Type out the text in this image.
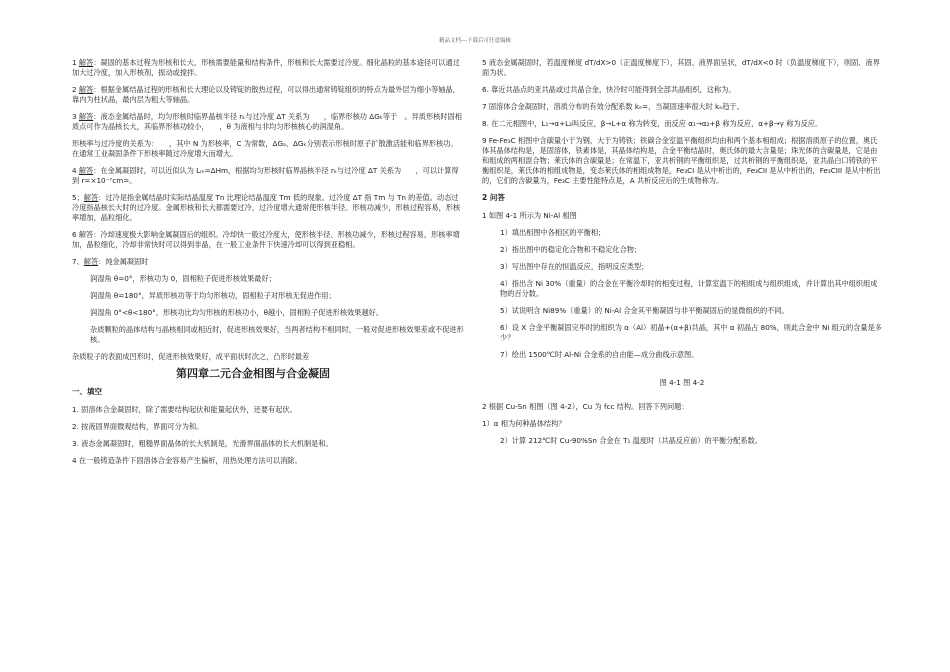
精品文档---下载后可任意编辑
1 解答：凝固的基本过程为形核和长大，形核需要能量和结构条件，形核和长大需要过冷度。细化晶粒的基本途径可以通过加大过冷度，加入形核剂，振动或搅拌。
2 解答：根据金属结晶过程的形核和长大理论以及铸锭的散热过程，可以得出通常铸锭组织的特点为最外层为细小等轴晶，靠内为柱状晶，最内层为粗大等轴晶。
3 解答：液态金属结晶时，均匀形核时临界晶核半径 rₖ与过冷度 ΔT 关系为　　，临界形核功 ΔGₖ等于　。异质形核时固相质点可作为晶核长大，其临界形核功较小，　　，θ 为液相与非均匀形核核心的润湿角。
形核率与过冷度的关系为：　　，其中 N 为形核率，C 为常数，ΔGₐ、ΔGₖ分别表示形核时原子扩散激活能和临界形核功。在通常工业凝固条件下形核率随过冷度增大而增大。
4 解答：在金属凝固时，可以近似认为 Lₘ=ΔHm，根据均匀形核时临界晶核半径 rₖ与过冷度 ΔT 关系为　　，可以计算得到 r=×10⁻⁷cm=。
5；解答：过冷是指金属结晶时实际结晶温度 Tn 比理论结晶温度 Tm 低的现象。过冷度 ΔT 指 Tm 与 Tn 的差值。动态过冷度指晶核长大时的过冷度。金属形核和长大都需要过冷，过冷度增大通常使形核半径、形核功减少，形核过程容易，形核率增加，晶粒细化。
6 解答：冷却速度极大影响金属凝固后的组织。冷却快一般过冷度大，使形核半径、形核功减少，形核过程容易，形核率增加，晶粒细化，冷却非常快时可以得到非晶，在一般工业条件下快速冷却可以得到亚稳相。
7、解答：纯金属凝固时
润湿角 θ=0°，形核功为 0，固相粒子促进形核效果最好；
润湿角 θ=180°，异质形核功等于均匀形核功，固相粒子对形核无促进作用；
润湿角 0°<θ<180°，形核功比均匀形核的形核功小，θ越小，固相粒子促进形核效果越好。
杂质颗粒的晶体结构与晶核相同或相近时，促进形核效果好，当两者结构不相同时，一般对促进形核效果差或不促进形核。
杂质粒子的表面成凹形时，促进形核效果好，成平面状时次之，凸形时最差
第四章二元合金相图与合金凝固
一、填空
1. 固溶体合金凝固时，除了需要结构起伏和能量起伏外，还要有起伏。
2. 按液固界面微观结构，界面可分为和。
3. 液态金属凝固时，粗糙界面晶体的长大机制是，光滑界面晶体的长大机制是和。
4 在一般铸造条件下固溶体合金容易产生偏析，用热处理方法可以消除。
5 液态金属凝固时，若温度梯度 dT/dX>0（正温度梯度下），其固、液界面呈状，dT/dX<0 时（负温度梯度下），则固、液界面为状。
6. 靠近共晶点的亚共晶或过共晶合金，快冷时可能得到全部共晶组织，这称为。
7 固溶体合金凝固时，溶质分布的有效分配系数 kₑ=，当凝固速率很大时 kₑ趋于。
8. 在二元相图中，L₁→α+L₂叫反应，β→L+α 称为转变，而反应 α₁→α₂+β 称为反应，α+β→γ 称为反应。
9 Fe-Fe₃C 相图中含碳量小于为钢，大于为铸铁；铁碳合金室温平衡组织均由和两个基本相组成；根据溶质原子的位置，奥氏体其晶体结构是，是固溶体，铁素体是，其晶体结构是，合金平衡结晶时，奥氏体的最大含量是；珠光体的含碳量是，它是由和组成的两相混合物；莱氏体的含碳量是；在常温下，亚共析钢的平衡组织是，过共析钢的平衡组织是，亚共晶白口铸铁的平衡组织是，莱氏体的相组成物是，变态莱氏体的相组成物是，Fe₃CI 是从中析出的，Fe₃CII 是从中析出的，Fe₃CIII 是从中析出的，它们的含碳量为，Fe₃C 主要性能特点是，A 共析反应后的生成物称为。
2 问答
1 如图 4-1 所示为 Ni-Al 相图
1）填出相图中各相区的平衡相；
2）指出图中的稳定化合物和不稳定化合物；
3）写出图中存在的恒温反应，指明反应类型；
4）指出含 Ni 30%（重量）的合金在平衡冷却时的相变过程，计算室温下的相组成与组织组成，并计算出其中组织组成物的百分数。
5）试说明含 Ni89%（重量）的 Ni-Al 合金其平衡凝固与非平衡凝固后的显微组织的不同。
6）设 X 合金平衡凝固完毕时的组织为 α（Al）初晶+(α+β)共晶，其中 α 初晶占 80%，则此合金中 Ni 组元的含量是多少？
7）绘出 1500℃时 Al-Ni 合金系的自由能—成分曲线示意图。
图 4-1 图 4-2
2 根据 Cu-Sn 相图（图 4-2），Cu 为 fcc 结构。回答下列问题：
1）α 相为何种晶体结构？
2）计算 212℃时 Cu-90%Sn 合金在 T₁ 温度时（共晶反应前）的平衡分配系数。
